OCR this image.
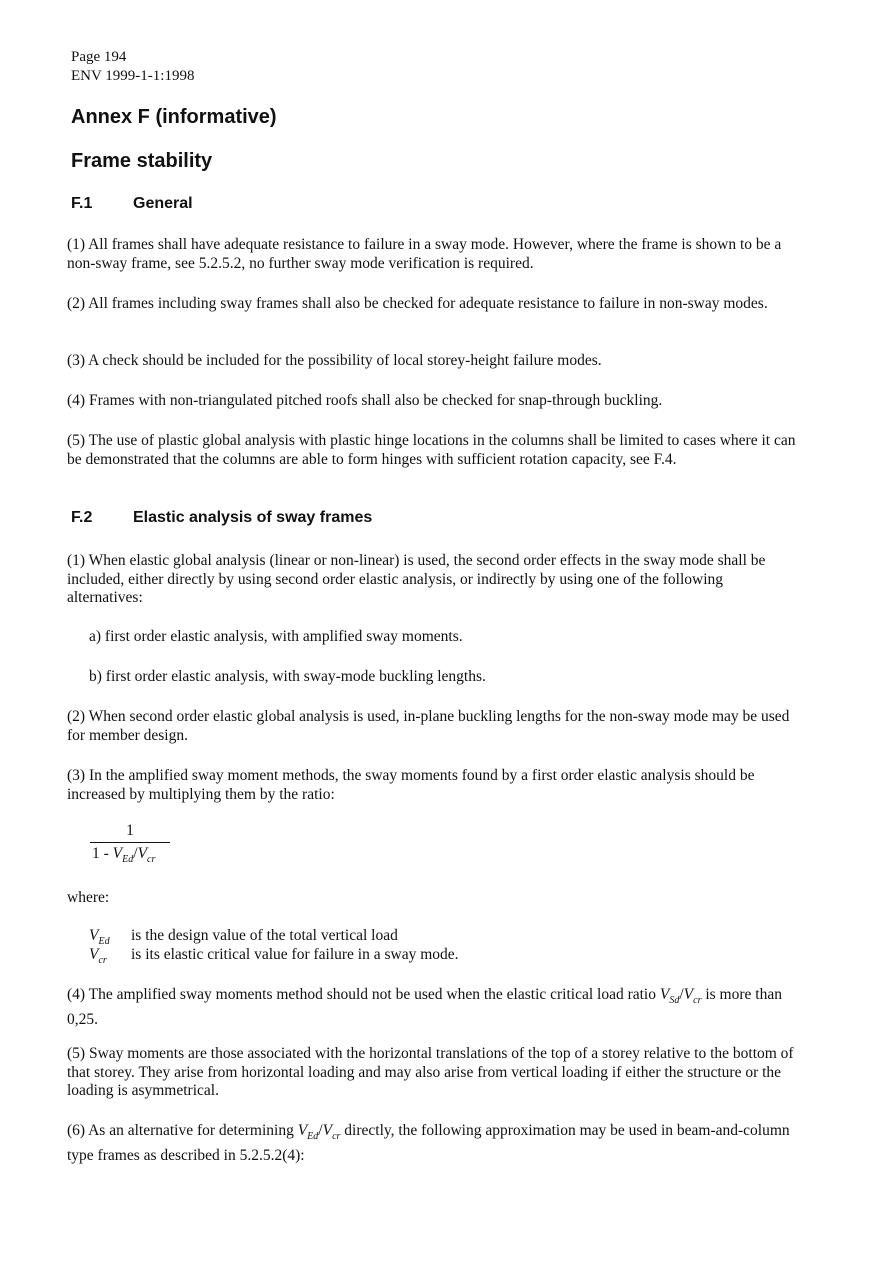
Page 194
ENV 1999-1-1:1998
Annex F (informative)
Frame stability
F.1	General
(1) All frames shall have adequate resistance to failure in a sway mode. However, where the frame is shown to be a non-sway frame, see 5.2.5.2, no further sway mode verification is required.
(2) All frames including sway frames shall also be checked for adequate resistance to failure in non-sway modes.
(3) A check should be included for the possibility of local storey-height failure modes.
(4) Frames with non-triangulated pitched roofs shall also be checked for snap-through buckling.
(5) The use of plastic global analysis with plastic hinge locations in the columns shall be limited to cases where it can be demonstrated that the columns are able to form hinges with sufficient rotation capacity, see F.4.
F.2	Elastic analysis of sway frames
(1) When elastic global analysis (linear or non-linear) is used, the second order effects in the sway mode shall be included, either directly by using second order elastic analysis, or indirectly by using one of the following alternatives:
a) first order elastic analysis, with amplified sway moments.
b) first order elastic analysis, with sway-mode buckling lengths.
(2) When second order elastic global analysis is used, in-plane buckling lengths for the non-sway mode may be used for member design.
(3) In the amplified sway moment methods, the sway moments found by a first order elastic analysis should be increased by multiplying them by the ratio:
1
$1 - V_{Ed}/V_{cr}$
where:
$V_{Ed}$	is the design value of the total vertical load
$V_{cr}$	is its elastic critical value for failure in a sway mode.
(4) The amplified sway moments method should not be used when the elastic critical load ratio $V_{Sd}/V_{cr}$ is more than 0,25.
(5) Sway moments are those associated with the horizontal translations of the top of a storey relative to the bottom of that storey. They arise from horizontal loading and may also arise from vertical loading if either the structure or the loading is asymmetrical.
(6) As an alternative for determining $V_{Ed}/V_{cr}$ directly, the following approximation may be used in beam-and-column type frames as described in 5.2.5.2(4):
